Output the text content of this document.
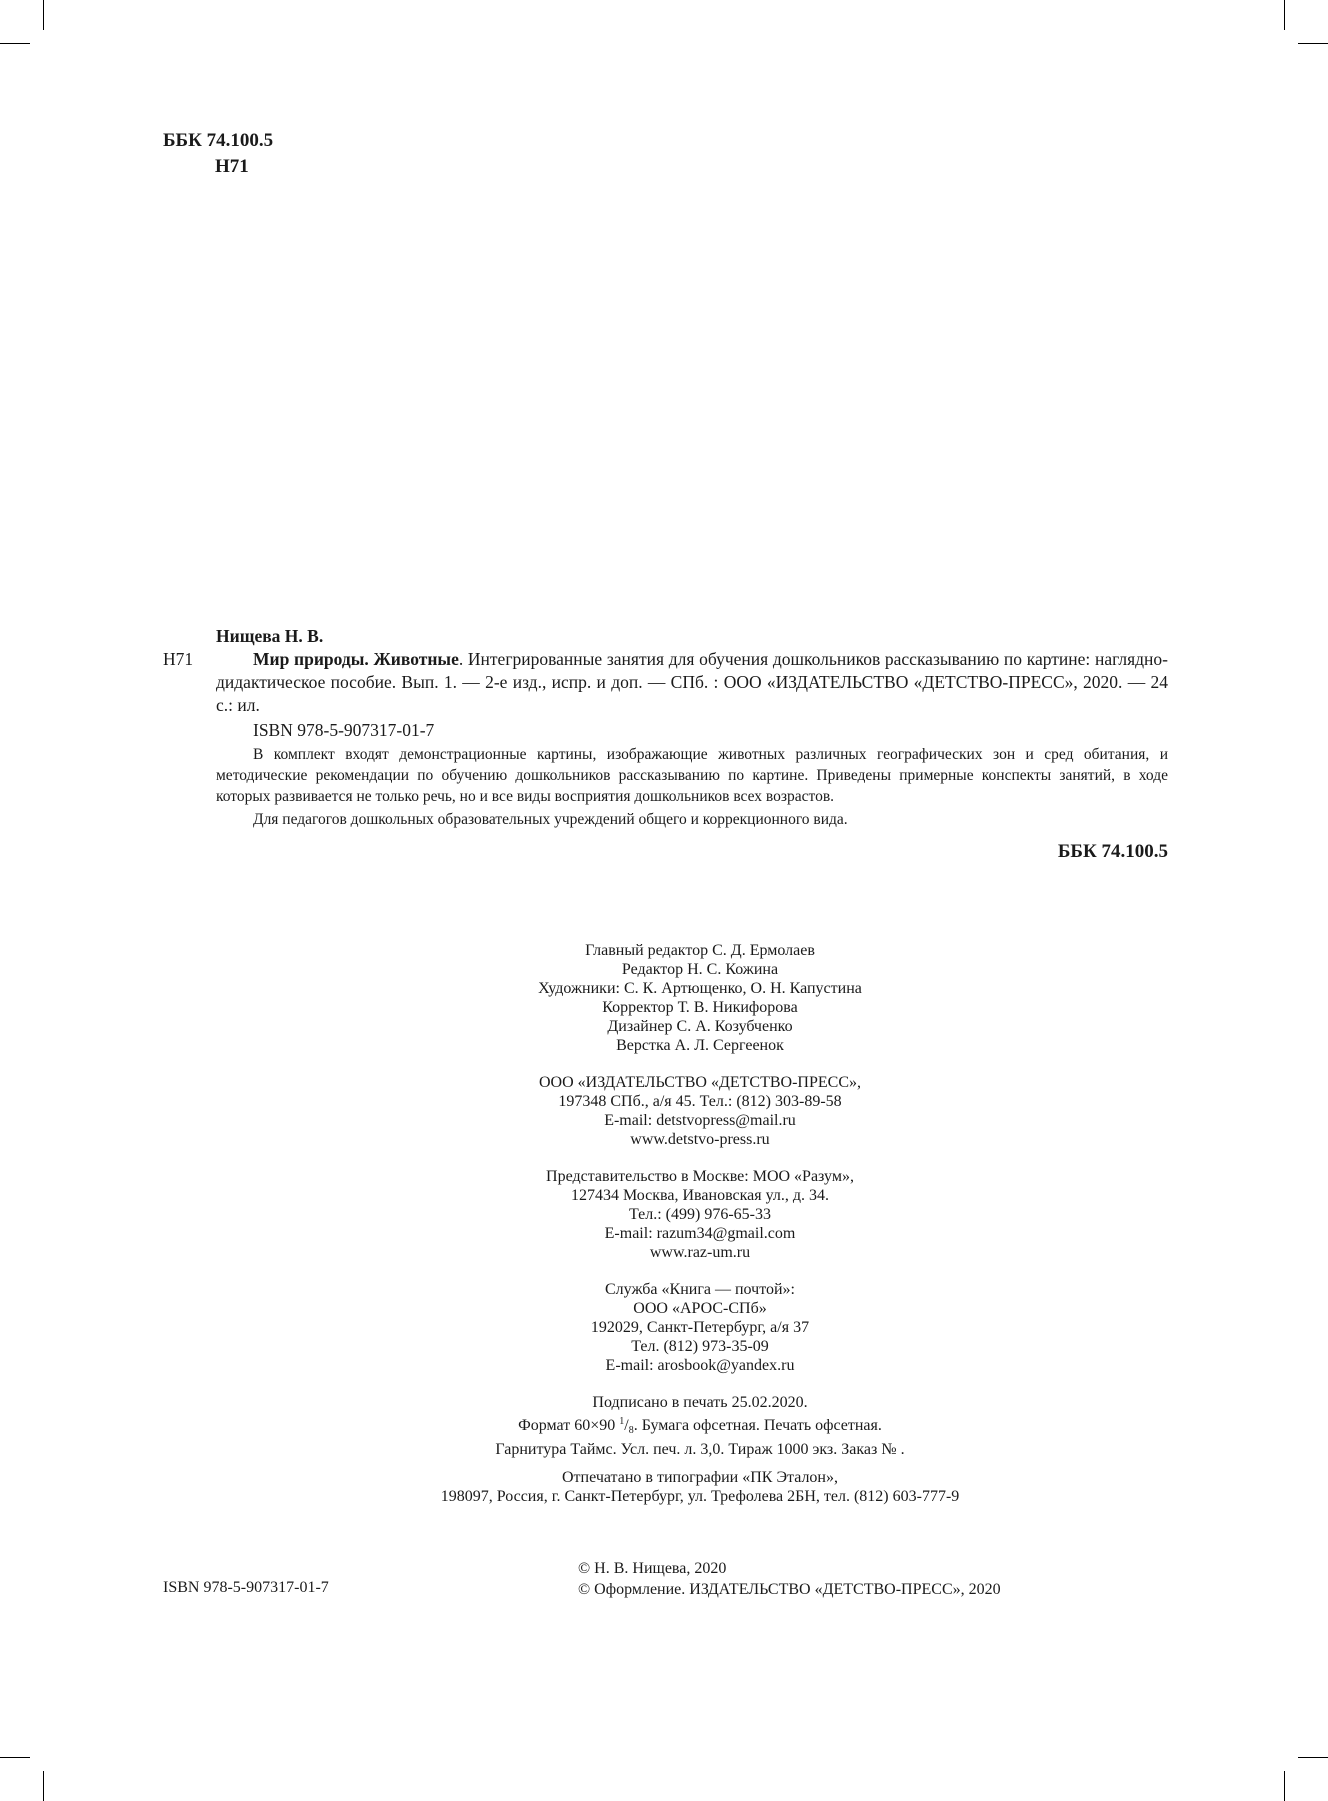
ББК 74.100.5
Н71
Нищева Н. В.
Н71	Мир природы. Животные. Интегрированные занятия для обучения дошкольников рассказыванию по картине: наглядно-дидактическое пособие. Вып. 1. — 2-е изд., испр. и доп. — СПб. : ООО «ИЗДАТЕЛЬСТВО «ДЕТСТВО-ПРЕСС», 2020. — 24 с.: ил.
ISBN 978-5-907317-01-7
В комплект входят демонстрационные картины, изображающие животных различных географических зон и сред обитания, и методические рекомендации по обучению дошкольников рассказыванию по картине. Приведены примерные конспекты занятий, в ходе которых развивается не только речь, но и все виды восприятия дошкольников всех возрастов.
Для педагогов дошкольных образовательных учреждений общего и коррекционного вида.
ББК 74.100.5
Главный редактор С. Д. Ермолаев
Редактор Н. С. Кожина
Художники: С. К. Артющенко, О. Н. Капустина
Корректор Т. В. Никифорова
Дизайнер С. А. Козубченко
Верстка А. Л. Сергеенок
ООО «ИЗДАТЕЛЬСТВО «ДЕТСТВО-ПРЕСС»,
197348 СПб., а/я 45. Тел.: (812) 303-89-58
E-mail: detstvopress@mail.ru
www.detstvo-press.ru
Представительство в Москве: МОО «Разум»,
127434 Москва, Ивановская ул., д. 34.
Тел.: (499) 976-65-33
E-mail: razum34@gmail.com
www.raz-um.ru
Служба «Книга — почтой»:
ООО «АРОС-СПб»
192029, Санкт-Петербург, а/я 37
Тел. (812) 973-35-09
E-mail: arosbook@yandex.ru
Подписано в печать 25.02.2020.
Формат 60×90 $^1/_8$. Бумага офсетная. Печать офсетная.
Гарнитура Таймс. Усл. печ. л. 3,0. Тираж 1000 экз. Заказ № .
Отпечатано в типографии «ПК Эталон»,
198097, Россия, г. Санкт-Петербург, ул. Трефолева 2БН, тел. (812) 603-777-9
ISBN 978-5-907317-01-7
© Н. В. Нищева, 2020
© Оформление. ИЗДАТЕЛЬСТВО «ДЕТСТВО-ПРЕСС», 2020
